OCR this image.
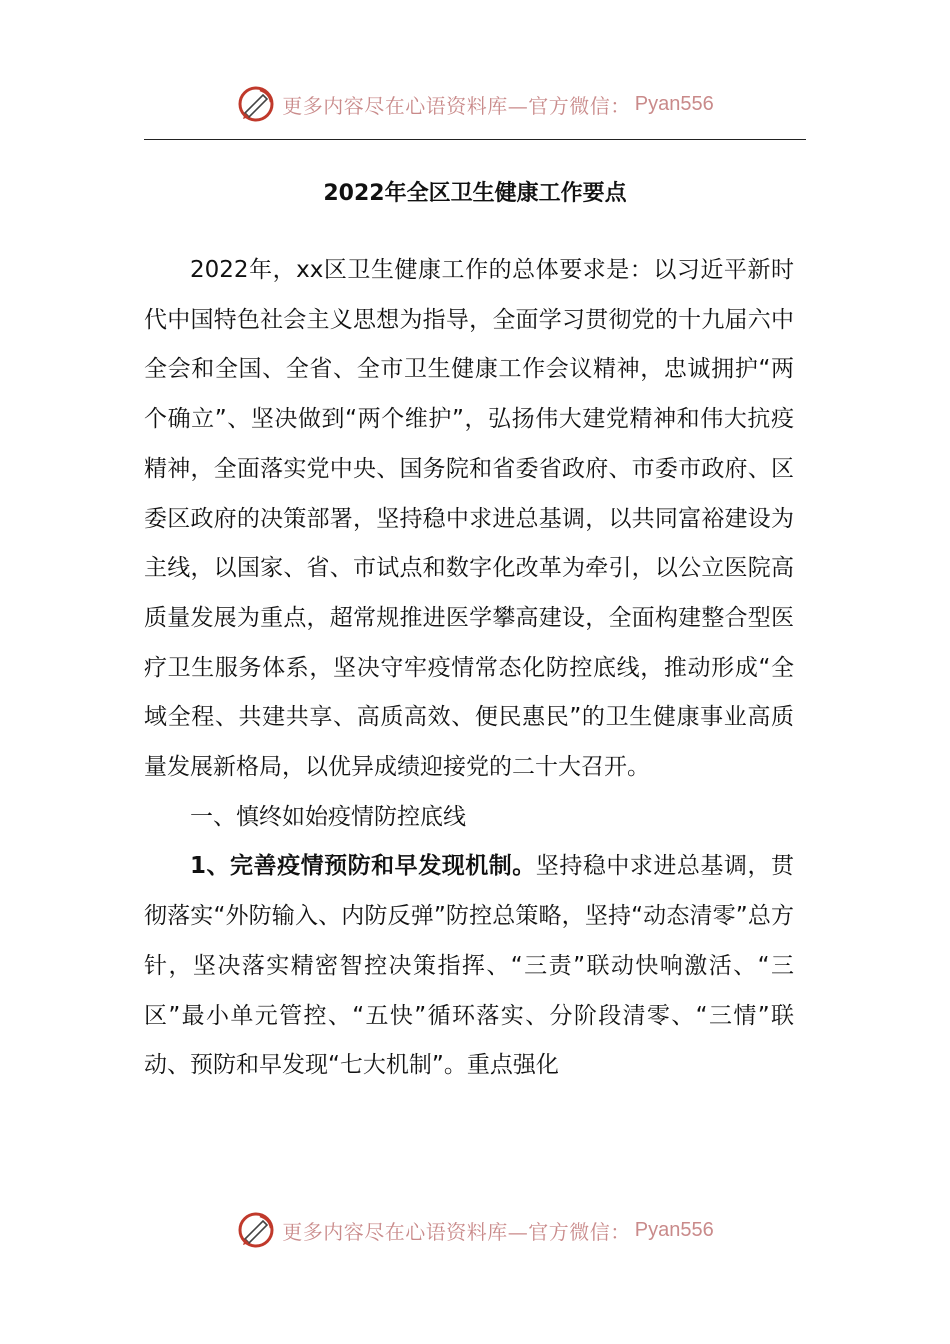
更多内容尽在心语资料库—官方微信： Pyan556
2022年全区卫生健康工作要点

2022年，xx区卫生健康工作的总体要求是：以习近平新时代中国特色社会主义思想为指导，全面学习贯彻党的十九届六中全会和全国、全省、全市卫生健康工作会议精神，忠诚拥护“两个确立”、坚决做到“两个维护”，弘扬伟大建党精神和伟大抗疫精神，全面落实党中央、国务院和省委省政府、市委市政府、区委区政府的决策部署，坚持稳中求进总基调，以共同富裕建设为主线，以国家、省、市试点和数字化改革为牵引，以公立医院高质量发展为重点，超常规推进医学攀高建设，全面构建整合型医疗卫生服务体系，坚决守牢疫情常态化防控底线，推动形成“全域全程、共建共享、高质高效、便民惠民”的卫生健康事业高质量发展新格局，以优异成绩迎接党的二十大召开。

一、慎终如始疫情防控底线

1、完善疫情预防和早发现机制。坚持稳中求进总基调，贯彻落实“外防输入、内防反弹”防控总策略，坚持“动态清零”总方针，坚决落实精密智控决策指挥、“三责”联动快响激活、“三区”最小单元管控、“五快”循环落实、分阶段清零、“三情”联动、预防和早发现“七大机制”。重点强化

更多内容尽在心语资料库—官方微信： Pyan556
